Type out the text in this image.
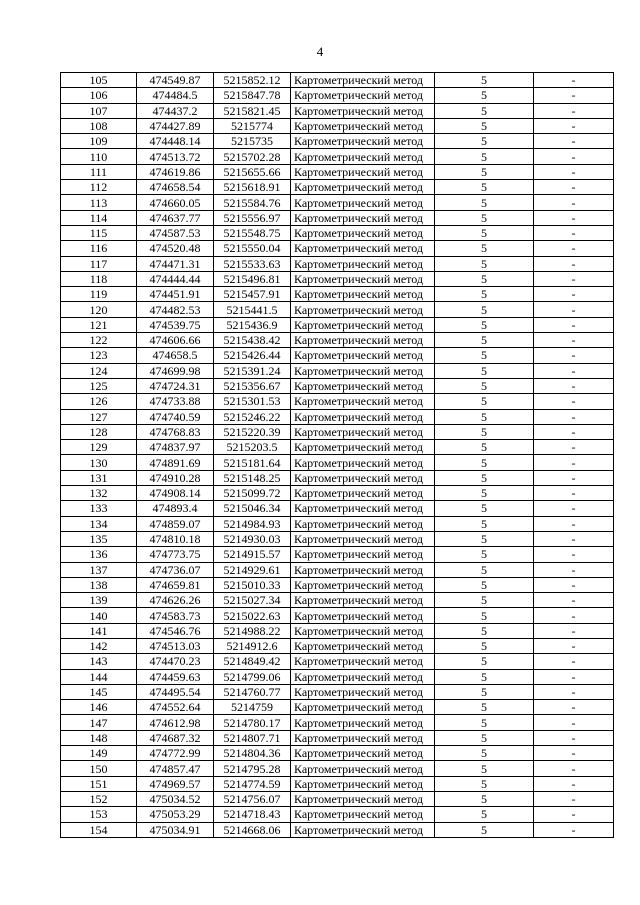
4
105	474549.87	5215852.12	Картометрический метод	5	-
106	474484.5	5215847.78	Картометрический метод	5	-
107	474437.2	5215821.45	Картометрический метод	5	-
108	474427.89	5215774	Картометрический метод	5	-
109	474448.14	5215735	Картометрический метод	5	-
110	474513.72	5215702.28	Картометрический метод	5	-
111	474619.86	5215655.66	Картометрический метод	5	-
112	474658.54	5215618.91	Картометрический метод	5	-
113	474660.05	5215584.76	Картометрический метод	5	-
114	474637.77	5215556.97	Картометрический метод	5	-
115	474587.53	5215548.75	Картометрический метод	5	-
116	474520.48	5215550.04	Картометрический метод	5	-
117	474471.31	5215533.63	Картометрический метод	5	-
118	474444.44	5215496.81	Картометрический метод	5	-
119	474451.91	5215457.91	Картометрический метод	5	-
120	474482.53	5215441.5	Картометрический метод	5	-
121	474539.75	5215436.9	Картометрический метод	5	-
122	474606.66	5215438.42	Картометрический метод	5	-
123	474658.5	5215426.44	Картометрический метод	5	-
124	474699.98	5215391.24	Картометрический метод	5	-
125	474724.31	5215356.67	Картометрический метод	5	-
126	474733.88	5215301.53	Картометрический метод	5	-
127	474740.59	5215246.22	Картометрический метод	5	-
128	474768.83	5215220.39	Картометрический метод	5	-
129	474837.97	5215203.5	Картометрический метод	5	-
130	474891.69	5215181.64	Картометрический метод	5	-
131	474910.28	5215148.25	Картометрический метод	5	-
132	474908.14	5215099.72	Картометрический метод	5	-
133	474893.4	5215046.34	Картометрический метод	5	-
134	474859.07	5214984.93	Картометрический метод	5	-
135	474810.18	5214930.03	Картометрический метод	5	-
136	474773.75	5214915.57	Картометрический метод	5	-
137	474736.07	5214929.61	Картометрический метод	5	-
138	474659.81	5215010.33	Картометрический метод	5	-
139	474626.26	5215027.34	Картометрический метод	5	-
140	474583.73	5215022.63	Картометрический метод	5	-
141	474546.76	5214988.22	Картометрический метод	5	-
142	474513.03	5214912.6	Картометрический метод	5	-
143	474470.23	5214849.42	Картометрический метод	5	-
144	474459.63	5214799.06	Картометрический метод	5	-
145	474495.54	5214760.77	Картометрический метод	5	-
146	474552.64	5214759	Картометрический метод	5	-
147	474612.98	5214780.17	Картометрический метод	5	-
148	474687.32	5214807.71	Картометрический метод	5	-
149	474772.99	5214804.36	Картометрический метод	5	-
150	474857.47	5214795.28	Картометрический метод	5	-
151	474969.57	5214774.59	Картометрический метод	5	-
152	475034.52	5214756.07	Картометрический метод	5	-
153	475053.29	5214718.43	Картометрический метод	5	-
154	475034.91	5214668.06	Картометрический метод	5	-
